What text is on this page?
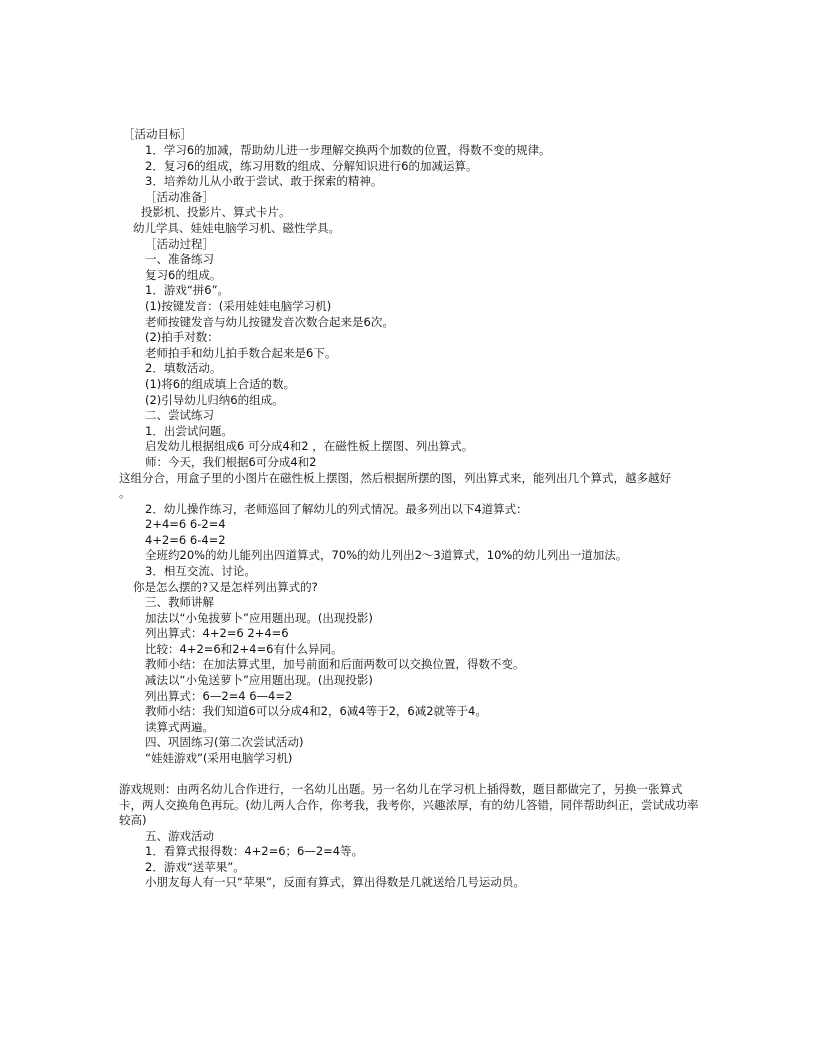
［活动目标］
1．学习6的加减，帮助幼儿进一步理解交换两个加数的位置，得数不变的规律。
2．复习6的组成，练习用数的组成、分解知识进行6的加减运算。
3．培养幼儿从小敢于尝试、敢于探索的精神。
［活动准备］
投影机、投影片、算式卡片。
幼儿学具、娃娃电脑学习机、磁性学具。
［活动过程］
一、准备练习
复习6的组成。
1．游戏“拼6”。
(1)按键发音：(采用娃娃电脑学习机)
老师按键发音与幼儿按键发音次数合起来是6次。
(2)拍手对数：
老师拍手和幼儿拍手数合起来是6下。
2．填数活动。
(1)将6的组成填上合适的数。
(2)引导幼儿归纳6的组成。
二、尝试练习
1．出尝试问题。
启发幼儿根据组成6 可分成4和2 ，在磁性板上摆图、列出算式。
师：今天，我们根据6可分成4和2
这组分合，用盒子里的小图片在磁性板上摆图，然后根据所摆的图，列出算式来，能列出几个算式，越多越好
。
2．幼儿操作练习，老师巡回了解幼儿的列式情况。最多列出以下4道算式：
2+4=6 6-2=4
4+2=6 6-4=2
全班约20%的幼儿能列出四道算式，70%的幼儿列出2～3道算式，10%的幼儿列出一道加法。
3．相互交流、讨论。
你是怎么摆的?又是怎样列出算式的?
三、教师讲解
加法以“小兔拔萝卜”应用题出现。(出现投影)
列出算式：4+2=6 2+4=6
比较：4+2=6和2+4=6有什么异同。
教师小结：在加法算式里，加号前面和后面两数可以交换位置，得数不变。
减法以“小兔送萝卜”应用题出现。(出现投影)
列出算式：6—2=4 6—4=2
教师小结：我们知道6可以分成4和2，6减4等于2，6减2就等于4。
读算式两遍。
四、巩固练习(第二次尝试活动)
“娃娃游戏”(采用电脑学习机)
游戏规则：由两名幼儿合作进行，一名幼儿出题。另一名幼儿在学习机上插得数，题目都做完了，另换一张算式卡，两人交换角色再玩。(幼儿两人合作，你考我，我考你，兴趣浓厚，有的幼儿答错，同伴帮助纠正，尝试成功率较高)
五、游戏活动
1．看算式报得数：4+2=6；6—2=4等。
2．游戏“送苹果”。
小朋友每人有一只“苹果”，反面有算式，算出得数是几就送给几号运动员。
